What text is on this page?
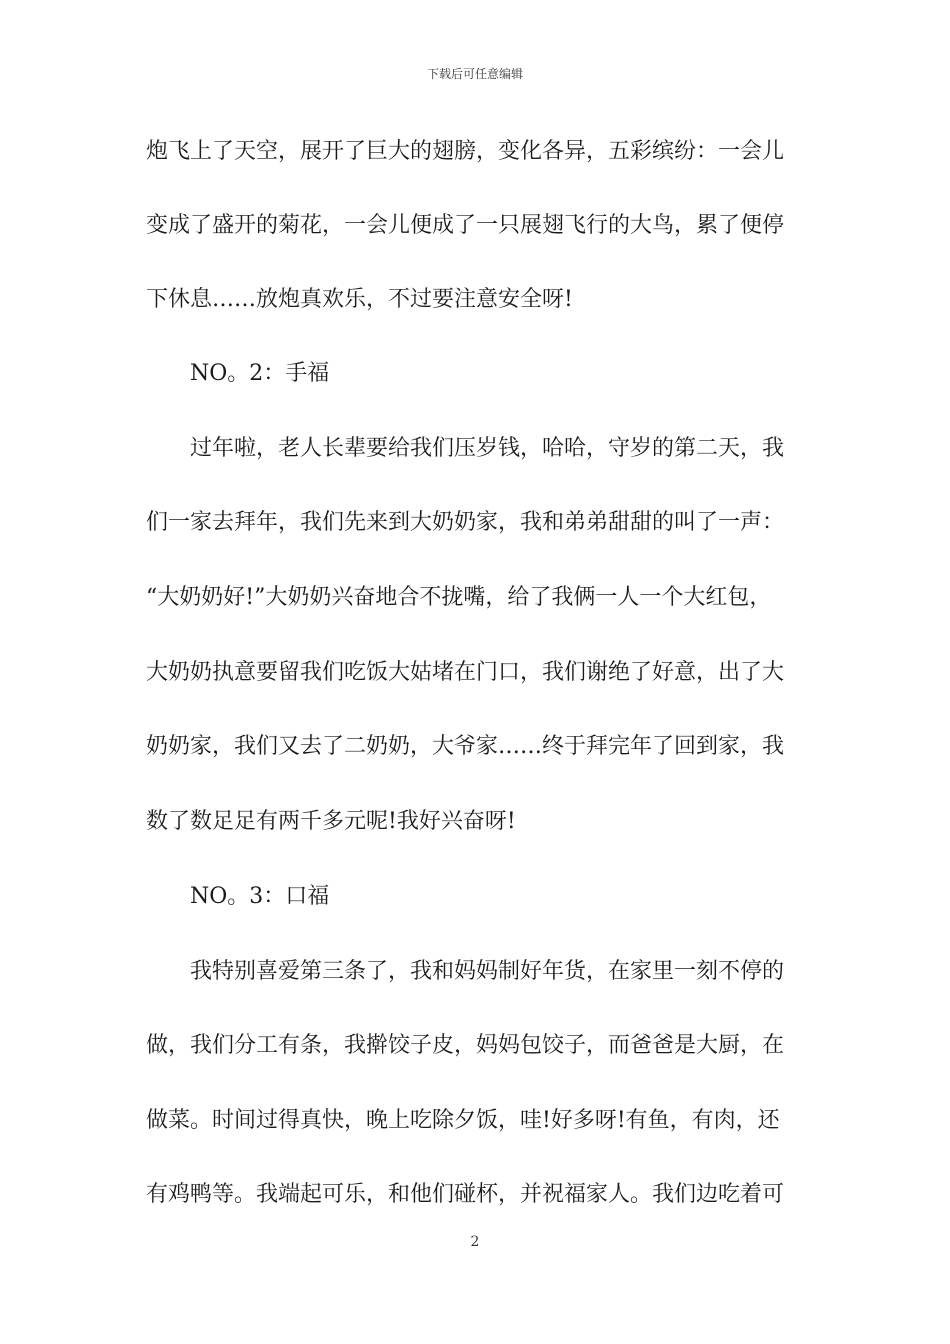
下载后可任意编辑
炮飞上了天空，展开了巨大的翅膀，变化各异，五彩缤纷：一会儿
变成了盛开的菊花，一会儿便成了一只展翅飞行的大鸟，累了便停
下休息……放炮真欢乐，不过要注意安全呀!
NO。2：手福
过年啦，老人长辈要给我们压岁钱，哈哈，守岁的第二天，我
们一家去拜年，我们先来到大奶奶家，我和弟弟甜甜的叫了一声：
“大奶奶好!”大奶奶兴奋地合不拢嘴，给了我俩一人一个大红包，
大奶奶执意要留我们吃饭大姑堵在门口，我们谢绝了好意，出了大
奶奶家，我们又去了二奶奶，大爷家……终于拜完年了回到家，我
数了数足足有两千多元呢!我好兴奋呀!
NO。3：口福
我特别喜爱第三条了，我和妈妈制好年货，在家里一刻不停的
做，我们分工有条，我擀饺子皮，妈妈包饺子，而爸爸是大厨，在
做菜。时间过得真快，晚上吃除夕饭，哇!好多呀!有鱼，有肉，还
有鸡鸭等。我端起可乐，和他们碰杯，并祝福家人。我们边吃着可
2
